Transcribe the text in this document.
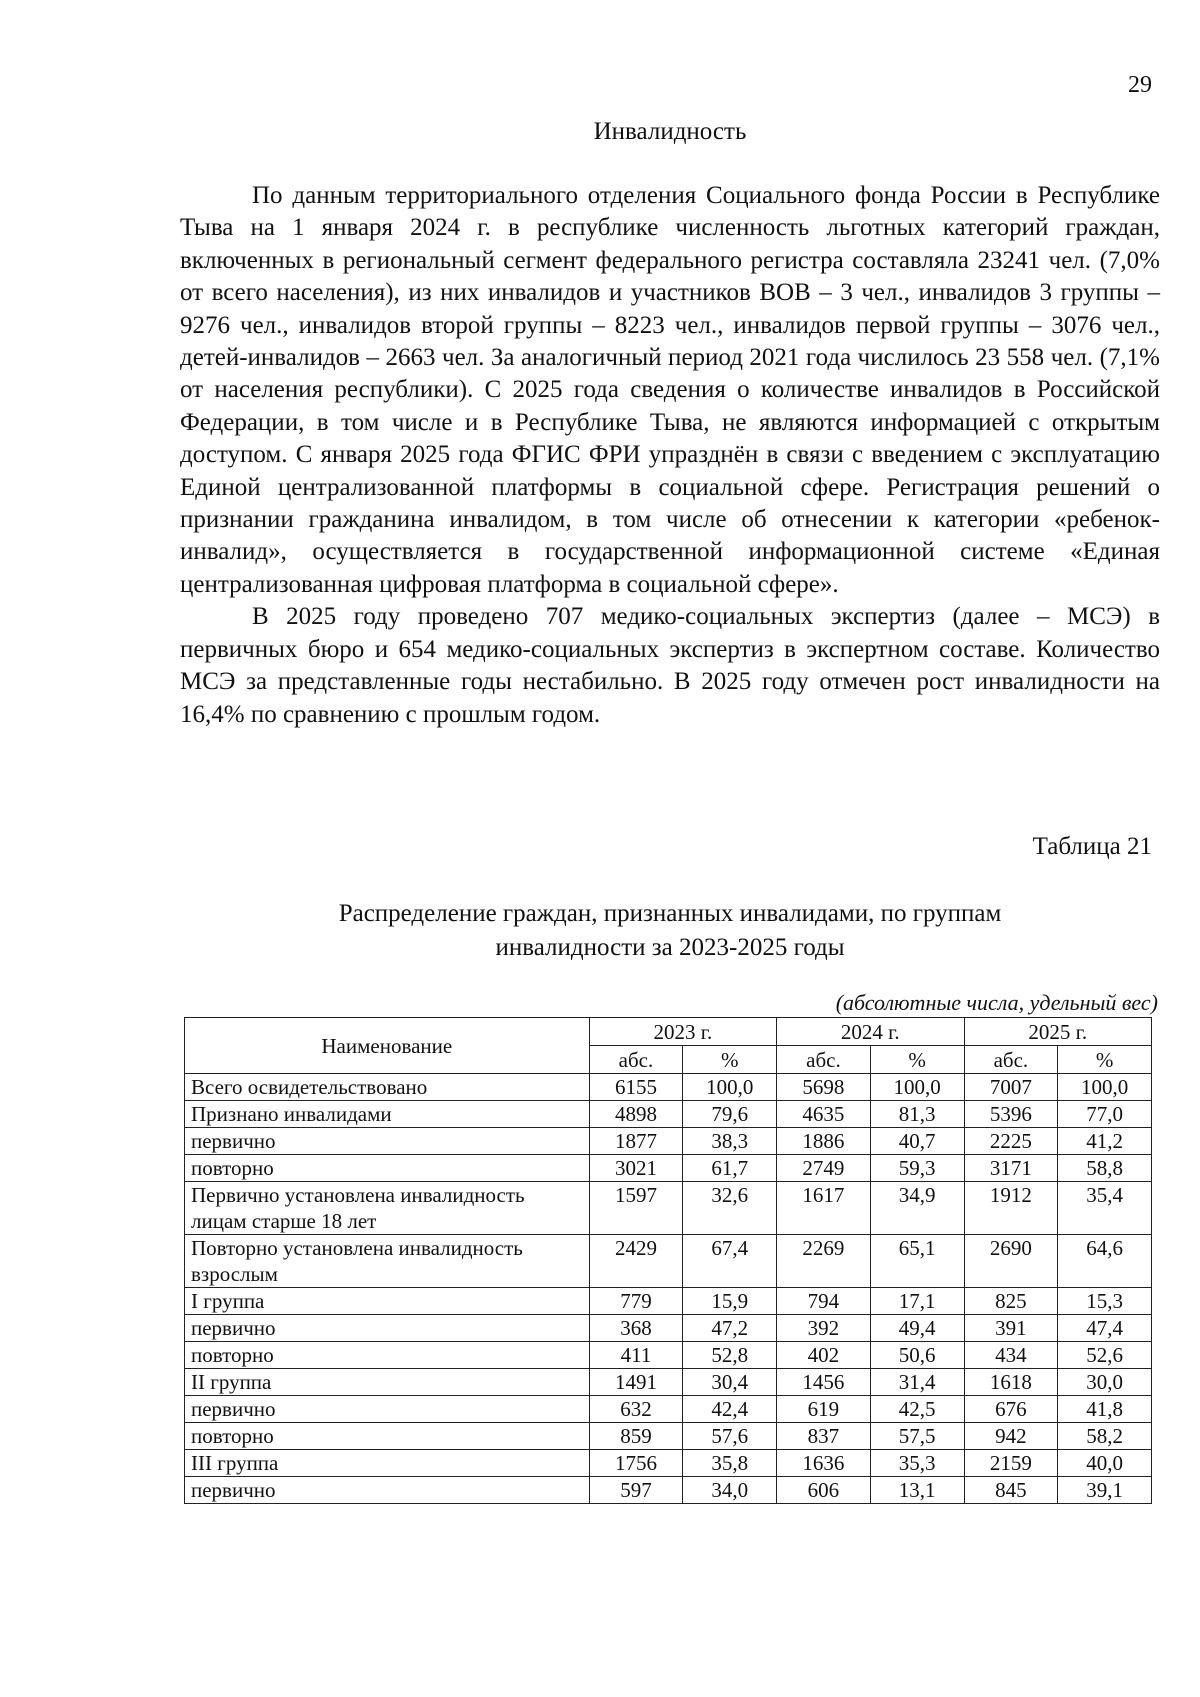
29
Инвалидность

По данным территориального отделения Социального фонда России в Республике Тыва на 1 января 2024 г. в республике численность льготных категорий граждан, включенных в региональный сегмент федерального регистра составляла 23241 чел. (7,0% от всего населения), из них инвалидов и участников ВОВ – 3 чел., инвалидов 3 группы – 9276 чел., инвалидов второй группы – 8223 чел., инвалидов первой группы – 3076 чел., детей-инвалидов – 2663 чел. За аналогичный период 2021 года числилось 23 558 чел. (7,1% от населения республики). С 2025 года сведения о количестве инвалидов в Российской Федерации, в том числе и в Республике Тыва, не являются информацией с открытым доступом. С января 2025 года ФГИС ФРИ упразднён в связи с введением с эксплуатацию Единой централизованной платформы в социальной сфере. Регистрация решений о признании гражданина инвалидом, в том числе об отнесении к категории «ребенок-инвалид», осуществляется в государственной информационной системе «Единая централизованная цифровая платформа в социальной сфере».

В 2025 году проведено 707 медико-социальных экспертиз (далее – МСЭ) в первичных бюро и 654 медико-социальных экспертиз в экспертном составе. Количество МСЭ за представленные годы нестабильно. В 2025 году отмечен рост инвалидности на 16,4% по сравнению с прошлым годом.

Таблица 21
Распределение граждан, признанных инвалидами, по группам
инвалидности за 2023-2025 годы
(абсолютные числа, удельный вес)
Наименование	2023 г.		2024 г.		2025 г.	
	абс.	%	абс.	%	абс.	%
Всего освидетельствовано	6155	100,0	5698	100,0	7007	100,0
Признано инвалидами	4898	79,6	4635	81,3	5396	77,0
первично	1877	38,3	1886	40,7	2225	41,2
повторно	3021	61,7	2749	59,3	3171	58,8
Первично установлена инвалидность лицам старше 18 лет	1597	32,6	1617	34,9	1912	35,4
Повторно установлена инвалидность взрослым	2429	67,4	2269	65,1	2690	64,6
I группа	779	15,9	794	17,1	825	15,3
первично	368	47,2	392	49,4	391	47,4
повторно	411	52,8	402	50,6	434	52,6
II группа	1491	30,4	1456	31,4	1618	30,0
первично	632	42,4	619	42,5	676	41,8
повторно	859	57,6	837	57,5	942	58,2
III группа	1756	35,8	1636	35,3	2159	40,0
первично	597	34,0	606	13,1	845	39,1
